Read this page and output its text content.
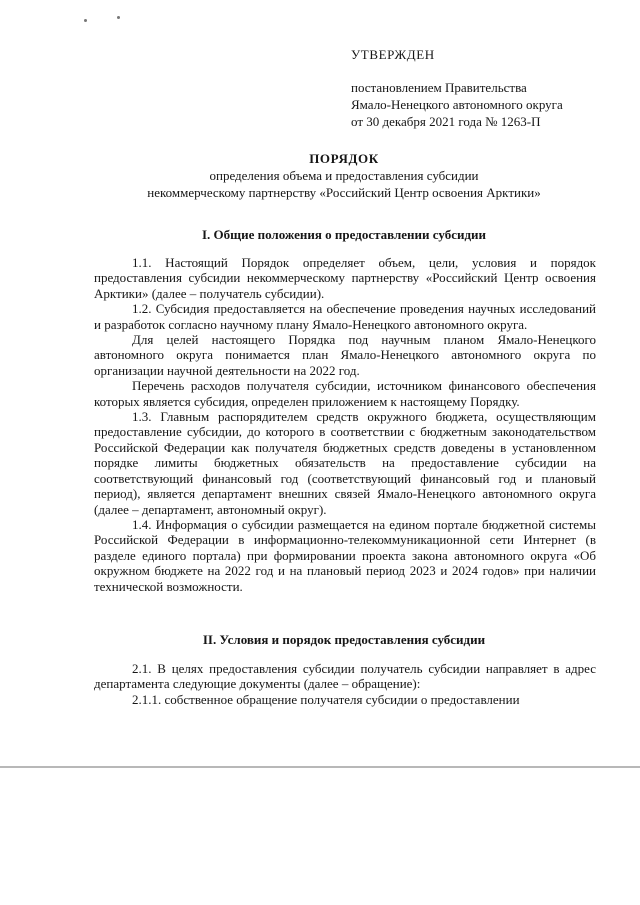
УТВЕРЖДЕН
постановлением Правительства
Ямало-Ненецкого автономного округа
от 30 декабря 2021 года № 1263-П
ПОРЯДОК
определения объема и предоставления субсидии
некоммерческому партнерству «Российский Центр освоения Арктики»
I. Общие положения о предоставлении субсидии

1.1. Настоящий Порядок определяет объем, цели, условия и порядок предоставления субсидии некоммерческому партнерству «Российский Центр освоения Арктики» (далее – получатель субсидии).

1.2. Субсидия предоставляется на обеспечение проведения научных исследований и разработок согласно научному плану Ямало-Ненецкого автономного округа.

Для целей настоящего Порядка под научным планом Ямало-Ненецкого автономного округа понимается план Ямало-Ненецкого автономного округа по организации научной деятельности на 2022 год.

Перечень расходов получателя субсидии, источником финансового обеспечения которых является субсидия, определен приложением к настоящему Порядку.

1.3. Главным распорядителем средств окружного бюджета, осуществляющим предоставление субсидии, до которого в соответствии с бюджетным законодательством Российской Федерации как получателя бюджетных средств доведены в установленном порядке лимиты бюджетных обязательств на предоставление субсидии на соответствующий финансовый год (соответствующий финансовый год и плановый период), является департамент внешних связей Ямало-Ненецкого автономного округа (далее – департамент, автономный округ).

1.4. Информация о субсидии размещается на едином портале бюджетной системы Российской Федерации в информационно-телекоммуникационной сети Интернет (в разделе единого портала) при формировании проекта закона автономного округа «Об окружном бюджете на 2022 год и на плановый период 2023 и 2024 годов» при наличии технической возможности.

II. Условия и порядок предоставления субсидии

2.1. В целях предоставления субсидии получатель субсидии направляет в адрес департамента следующие документы (далее – обращение):

2.1.1. собственное обращение получателя субсидии о предоставлении
